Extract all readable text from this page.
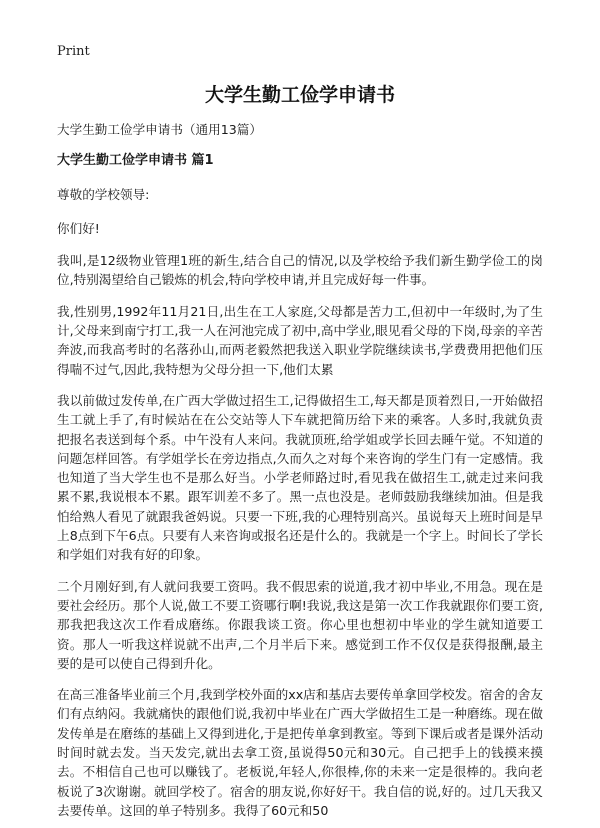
Print
大学生勤工俭学申请书

大学生勤工俭学申请书（通用13篇）

大学生勤工俭学申请书 篇1

尊敬的学校领导:

你们好!

我叫,是12级物业管理1班的新生,结合自己的情况,以及学校给予我们新生勤学俭工的岗位,特别渴望给自己锻炼的机会,特向学校申请,并且完成好每一件事。

我,性别男,1992年11月21日,出生在工人家庭,父母都是苦力工,但初中一年级时,为了生计,父母来到南宁打工,我一人在河池完成了初中,高中学业,眼见看父母的下岗,母亲的辛苦奔波,而我高考时的名落孙山,而两老毅然把我送入职业学院继续读书,学费费用把他们压得喘不过气,因此,我特想为父母分担一下,他们太累

我以前做过发传单,在广西大学做过招生工,记得做招生工,每天都是顶着烈日,一开始做招生工就上手了,有时候站在在公交站等人下车就把简历给下来的乘客。人多时,我就负责把报名表送到每个系。中午没有人来问。我就顶班,给学姐或学长回去睡午觉。不知道的问题怎样回答。有学姐学长在旁边指点,久而久之对每个来咨询的学生门有一定感情。我也知道了当大学生也不是那么好当。小学老师路过时,看见我在做招生工,就走过来问我累不累,我说根本不累。跟军训差不多了。黑一点也没是。老师鼓励我继续加油。但是我怕给熟人看见了就跟我爸妈说。只要一下班,我的心理特别高兴。虽说每天上班时间是早上8点到下午6点。只要有人来咨询或报名还是什么的。我就是一个字上。时间长了学长和学姐们对我有好的印象。

二个月刚好到,有人就问我要工资吗。我不假思索的说道,我才初中毕业,不用急。现在是要社会经历。那个人说,做工不要工资哪行啊!我说,我这是第一次工作我就跟你们要工资,那我把我这次工作看成磨练。你跟我谈工资。你心里也想初中毕业的学生就知道要工资。那人一听我这样说就不出声,二个月半后下来。感觉到工作不仅仅是获得报酬,最主要的是可以使自己得到升化。

在高三准备毕业前三个月,我到学校外面的xx店和基店去要传单拿回学校发。宿舍的舍友们有点纳闷。我就痛快的跟他们说,我初中毕业在广西大学做招生工是一种磨练。现在做发传单是在磨练的基础上又得到进化,于是把传单拿到教室。等到下课后或者是课外活动时间时就去发。当天发完,就出去拿工资,虽说得50元和30元。自己把手上的钱摸来摸去。不相信自己也可以赚钱了。老板说,年轻人,你很棒,你的未来一定是很棒的。我向老板说了3次谢谢。就回学校了。宿舍的朋友说,你好好干。我自信的说,好的。过几天我又去要传单。这回的单子特别多。我得了60元和50
